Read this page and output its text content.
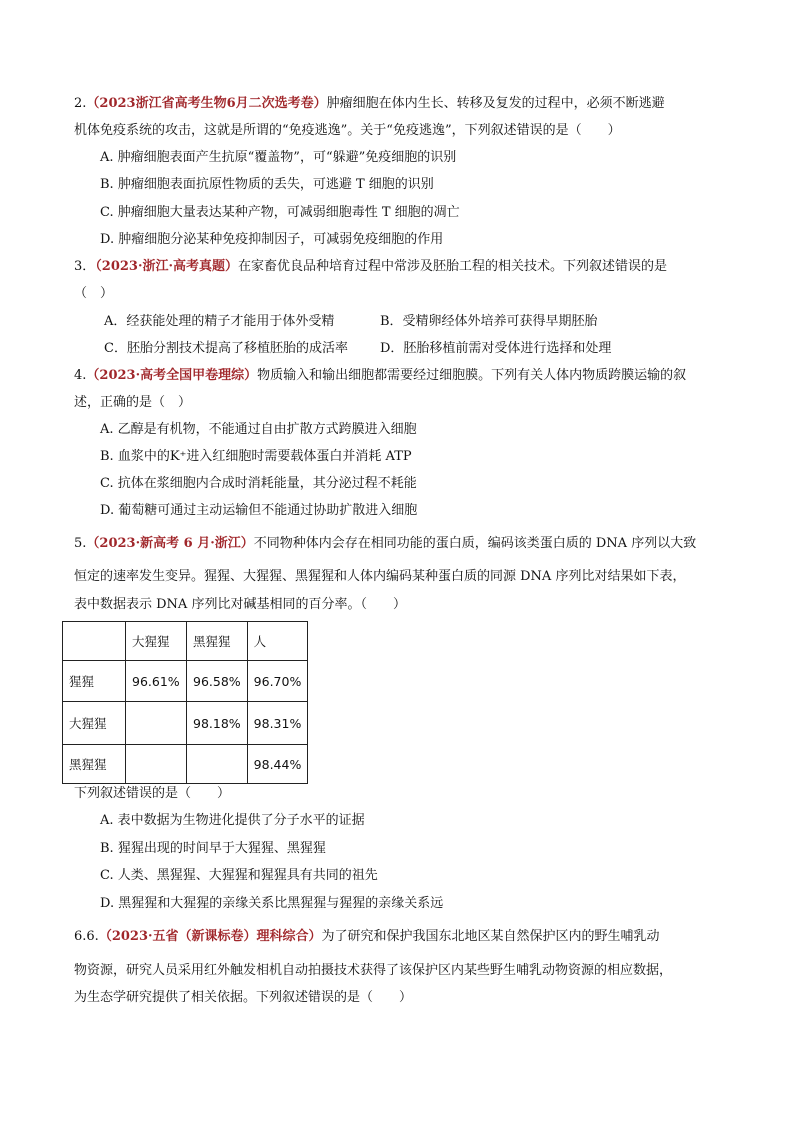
2.（2023浙江省高考生物6月二次选考卷）肿瘤细胞在体内生长、转移及复发的过程中，必须不断逃避
机体免疫系统的攻击，这就是所谓的“免疫逃逸”。关于“免疫逃逸”，下列叙述错误的是（　　）
A. 肿瘤细胞表面产生抗原“覆盖物”，可“躲避”免疫细胞的识别
B. 肿瘤细胞表面抗原性物质的丢失，可逃避 T 细胞的识别
C. 肿瘤细胞大量表达某种产物，可减弱细胞毒性 T 细胞的凋亡
D. 肿瘤细胞分泌某种免疫抑制因子，可减弱免疫细胞的作用
3．（2023·浙江·高考真题）在家畜优良品种培育过程中常涉及胚胎工程的相关技术。下列叙述错误的是
（　）
A．经获能处理的精子才能用于体外受精	B．受精卵经体外培养可获得早期胚胎
C．胚胎分割技术提高了移植胚胎的成活率 D．胚胎移植前需对受体进行选择和处理
4.（2023·高考全国甲卷理综）物质输入和输出细胞都需要经过细胞膜。下列有关人体内物质跨膜运输的叙
述，正确的是（　）
A. 乙醇是有机物，不能通过自由扩散方式跨膜进入细胞
B. 血浆中的K⁺进入红细胞时需要载体蛋白并消耗 ATP
C. 抗体在浆细胞内合成时消耗能量，其分泌过程不耗能
D. 葡萄糖可通过主动运输但不能通过协助扩散进入细胞
5.（2023·新高考 6 月·浙江）不同物种体内会存在相同功能的蛋白质，编码该类蛋白质的 DNA 序列以大致
恒定的速率发生变异。猩猩、大猩猩、黑猩猩和人体内编码某种蛋白质的同源 DNA 序列比对结果如下表，
表中数据表示 DNA 序列比对碱基相同的百分率。（　　）
	大猩猩	黑猩猩	人
猩猩	96.61%	96.58%	96.70%
大猩猩		98.18%	98.31%
黑猩猩			98.44%
下列叙述错误的是（　　）
A. 表中数据为生物进化提供了分子水平的证据
B. 猩猩出现的时间早于大猩猩、黑猩猩
C. 人类、黑猩猩、大猩猩和猩猩具有共同的祖先
D. 黑猩猩和大猩猩的亲缘关系比黑猩猩与猩猩的亲缘关系远
6.6.（2023·五省（新课标卷）理科综合）为了研究和保护我国东北地区某自然保护区内的野生哺乳动
物资源，研究人员采用红外触发相机自动拍摄技术获得了该保护区内某些野生哺乳动物资源的相应数据，
为生态学研究提供了相关依据。下列叙述错误的是（　　）
